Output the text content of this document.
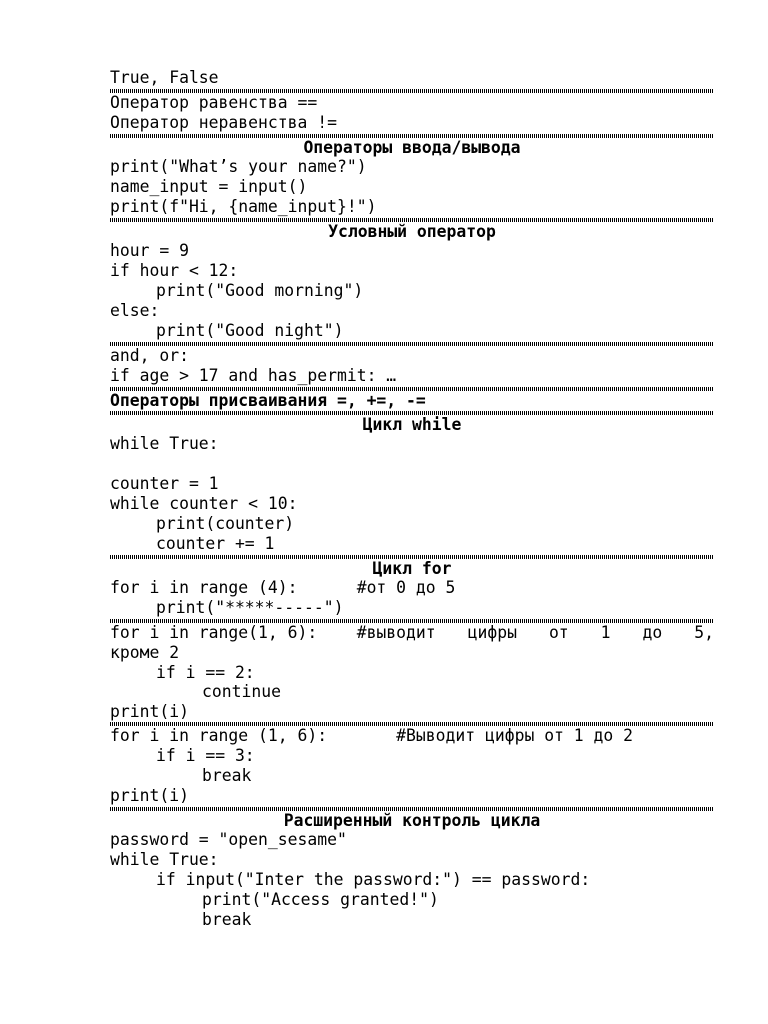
True, False
Оператор равенства ==
Оператор неравенства !=
Операторы ввода/вывода
print("What’s your name?")
name_input = input()
print(f"Hi, {name_input}!")
Условный оператор
hour = 9
if hour < 12:
print("Good morning")
else:
print("Good night")
and, or:
if age > 17 and has_permit: …
Операторы присваивания =, +=, -=
Цикл while
while True:
counter = 1
while counter < 10:
print(counter)
counter += 1
Цикл for
for i in range (4):      #от 0 до 5
print("*****-----")
for i in range(1, 6):    #выводит цифры от 1 до 5,
кроме 2
if i == 2:
continue
print(i)
for i in range (1, 6):       #Выводит цифры от 1 до 2
if i == 3:
break
print(i)
Расширенный контроль цикла
password = "open_sesame"
while True:
if input("Inter the password:") == password:
print("Access granted!")
break
